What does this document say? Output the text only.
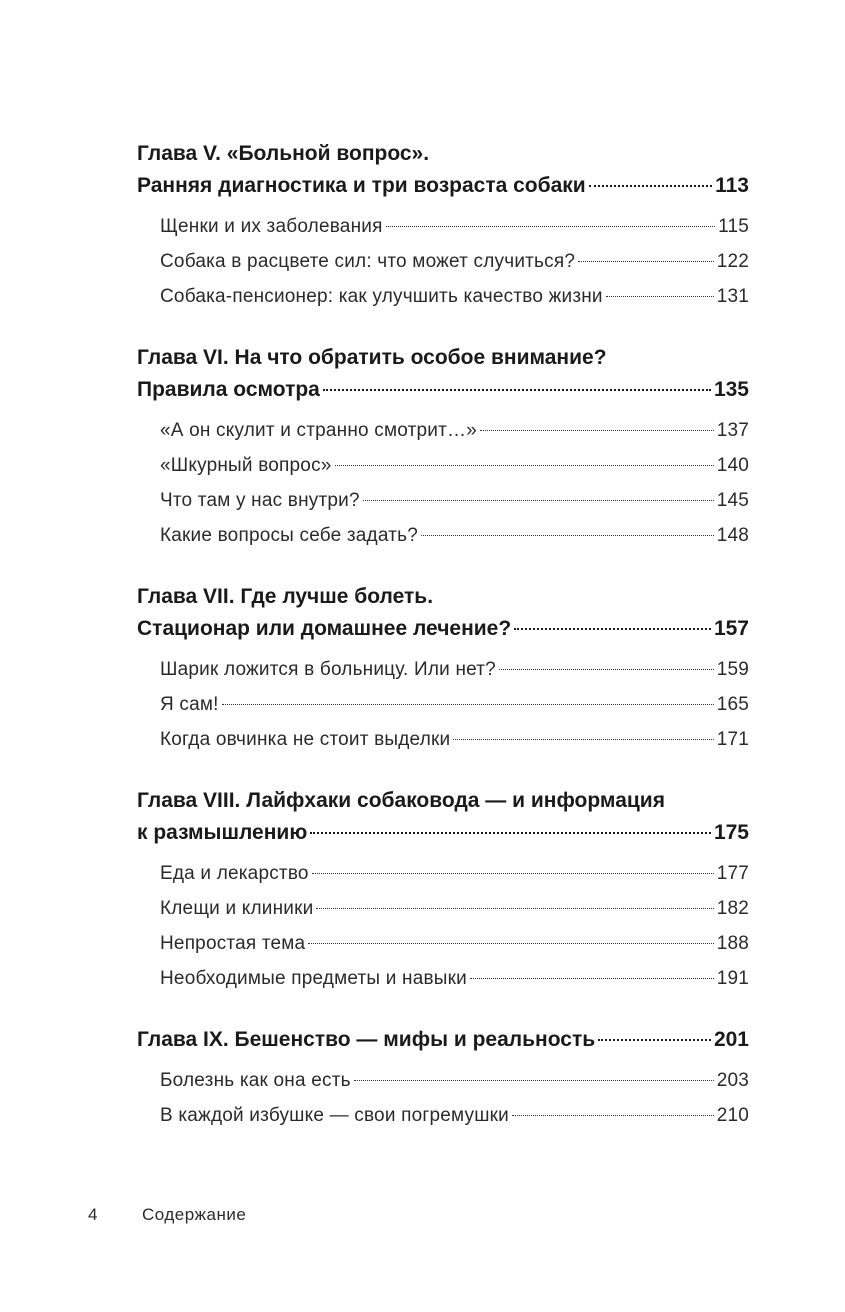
Глава V. «Больной вопрос».
Ранняя диагностика и три возраста собаки	113
Щенки и их заболевания	115
Собака в расцвете сил: что может случиться?	122
Собака-пенсионер: как улучшить качество жизни	131
Глава VI. На что обратить особое внимание?
Правила осмотра	135
«А он скулит и странно смотрит…»	137
«Шкурный вопрос»	140
Что там у нас внутри?	145
Какие вопросы себе задать?	148
Глава VII. Где лучше болеть.
Стационар или домашнее лечение?	157
Шарик ложится в больницу. Или нет?	159
Я сам!	165
Когда овчинка не стоит выделки	171
Глава VIII. Лайфхаки собаковода — и информация
к размышлению	175
Еда и лекарство	177
Клещи и клиники	182
Непростая тема	188
Необходимые предметы и навыки	191
Глава IX. Бешенство — мифы и реальность	201
Болезнь как она есть	203
В каждой избушке — свои погремушки	210
4	Содержание
